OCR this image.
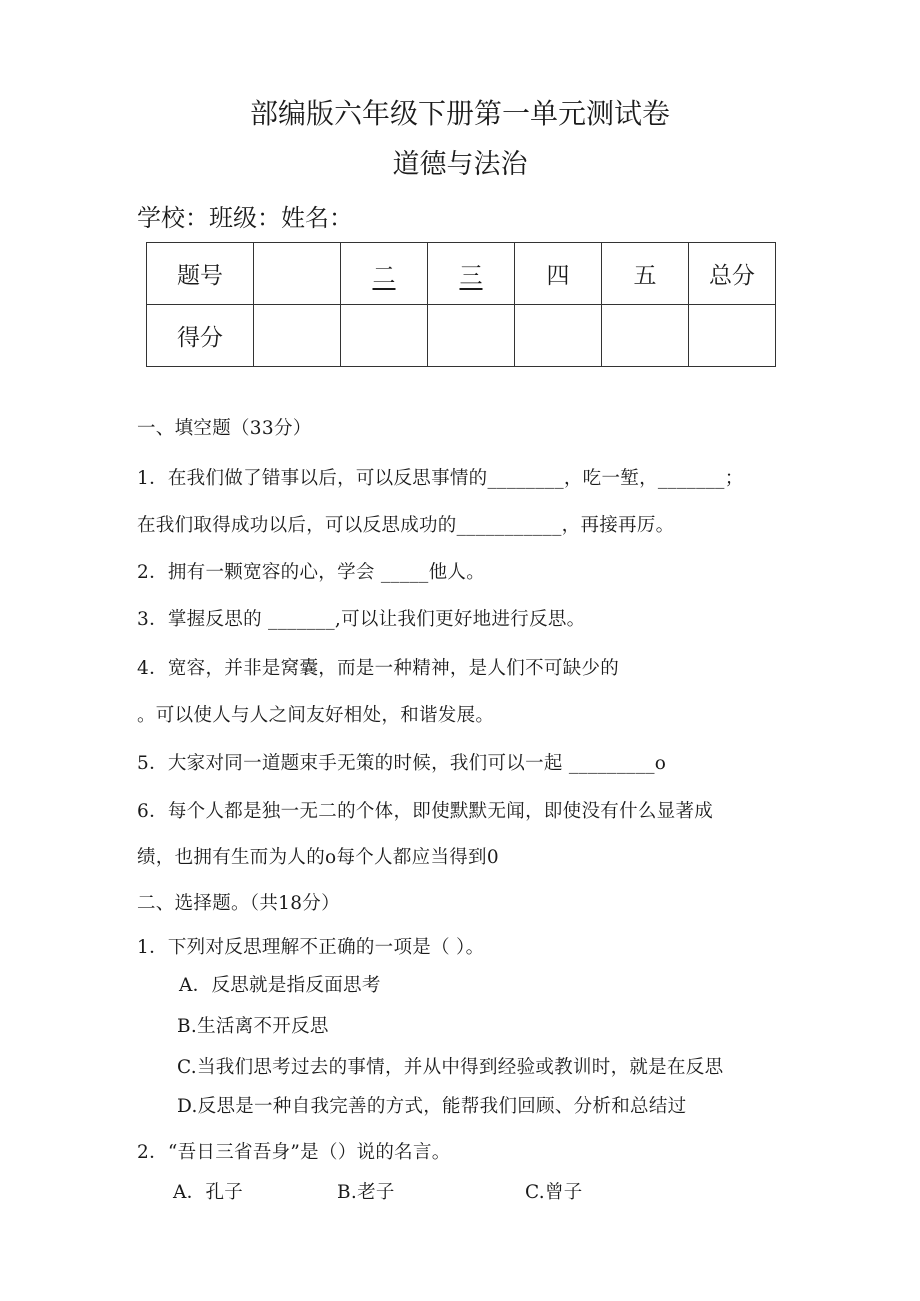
部编版六年级下册第一单元测试卷
道德与法治
学校：班级：姓名：
题号		二	三	四	五	总分
得分						
一、填空题（33分）
1．在我们做了错事以后，可以反思事情的________，吃一堑，_______；
在我们取得成功以后，可以反思成功的___________，再接再厉。
2．拥有一颗宽容的心，学会 _____他人。
3．掌握反思的 _______,可以让我们更好地进行反思。
4．宽容，并非是窝囊，而是一种精神，是人们不可缺少的
。可以使人与人之间友好相处，和谐发展。
5．大家对同一道题束手无策的时候，我们可以一起 _________o
6．每个人都是独一无二的个体，即使默默无闻，即使没有什么显著成
绩，也拥有生而为人的o每个人都应当得到0
二、选择题。（共18分）
1．下列对反思理解不正确的一项是（ ）。
A．反思就是指反面思考
B.生活离不开反思
C.当我们思考过去的事情，并从中得到经验或教训时，就是在反思
D.反思是一种自我完善的方式，能帮我们回顾、分析和总结过
2．“吾日三省吾身”是（）说的名言。
A．孔子	B.老子	C.曾子
